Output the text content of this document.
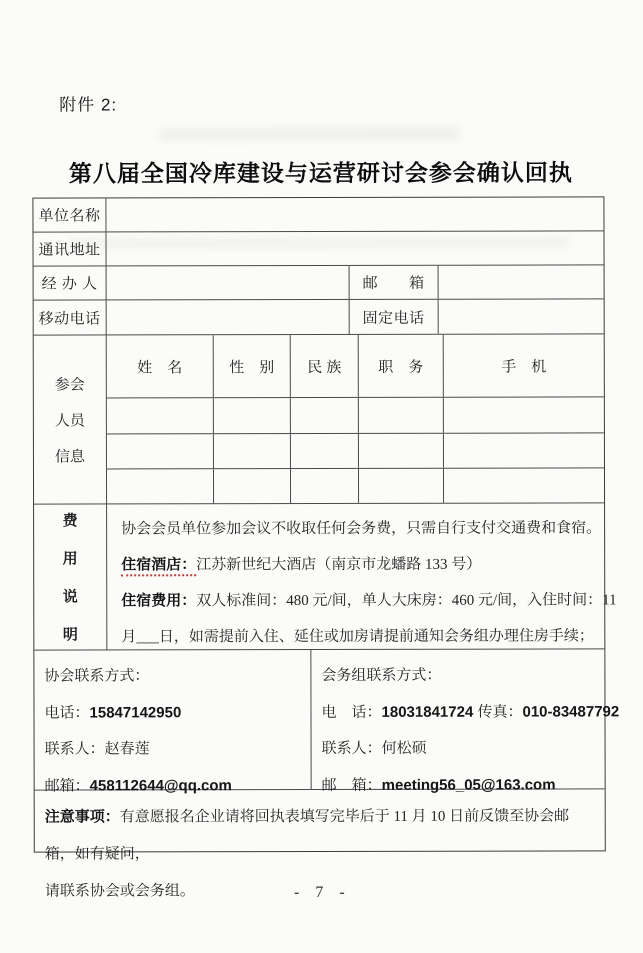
附件 2:
第八届全国冷库建设与运营研讨会参会确认回执
单位名称
通讯地址
经 办 人	邮　　箱
移动电话	固定电话
参会
人员
信息
姓　名	性　别	民 族	职　务	手　机
费
用
说
明
协会会员单位参加会议不收取任何会务费，只需自行支付交通费和食宿。
住宿酒店：江苏新世纪大酒店（南京市龙蟠路 133 号）
住宿费用：双人标准间：480 元/间，单人大床房：460 元/间，入住时间：11
月___日，如需提前入住、延住或加房请提前通知会务组办理住房手续；
协会联系方式：
电话：15847142950
联系人：赵春莲
邮箱：458112644@qq.com
会务组联系方式：
电　话：18031841724 传真：010-83487792
联系人：何松硕
邮　箱：meeting56_05@163.com
注意事项：有意愿报名企业请将回执表填写完毕后于 11 月 10 日前反馈至协会邮箱，如有疑问，
请联系协会或会务组。	- 7 -
